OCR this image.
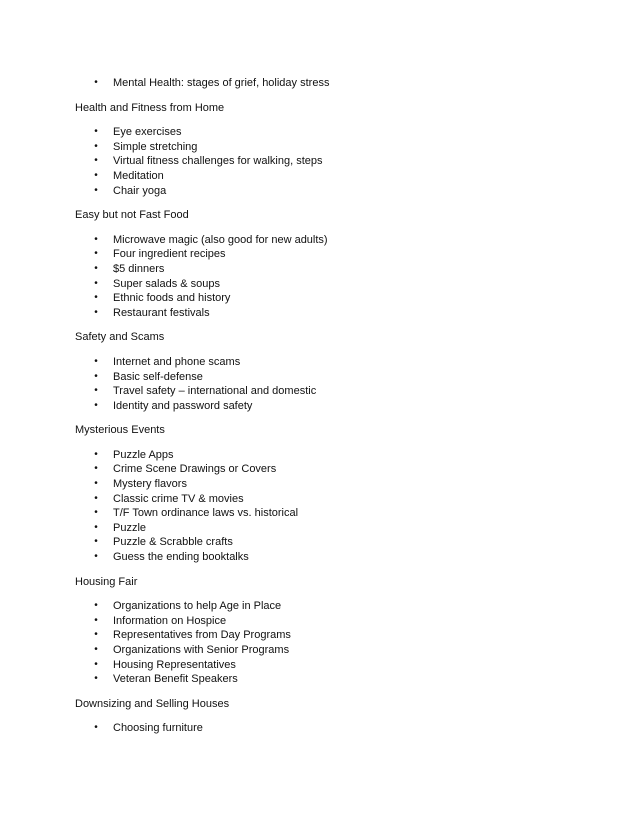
• Mental Health: stages of grief, holiday stress
Health and Fitness from Home
• Eye exercises
• Simple stretching
• Virtual fitness challenges for walking, steps
• Meditation
• Chair yoga
Easy but not Fast Food
• Microwave magic (also good for new adults)
• Four ingredient recipes
• $5 dinners
• Super salads & soups
• Ethnic foods and history
• Restaurant festivals
Safety and Scams
• Internet and phone scams
• Basic self-defense
• Travel safety – international and domestic
• Identity and password safety
Mysterious Events
• Puzzle Apps
• Crime Scene Drawings or Covers
• Mystery flavors
• Classic crime TV & movies
• T/F Town ordinance laws vs. historical
• Puzzle
• Puzzle & Scrabble crafts
• Guess the ending booktalks
Housing Fair
• Organizations to help Age in Place
• Information on Hospice
• Representatives from Day Programs
• Organizations with Senior Programs
• Housing Representatives
• Veteran Benefit Speakers
Downsizing and Selling Houses
• Choosing furniture
